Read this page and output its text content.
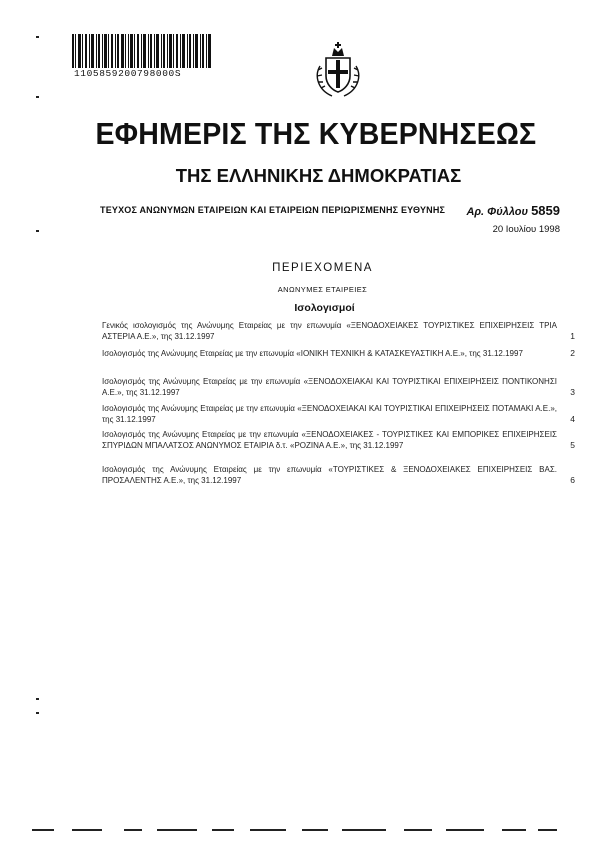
1105859200798000S
ΕΦΗΜΕΡΙΣ ΤΗΣ ΚΥΒΕΡΝΗΣΕΩΣ
ΤΗΣ ΕΛΛΗΝΙΚΗΣ ΔΗΜΟΚΡΑΤΙΑΣ
ΤΕΥΧΟΣ ΑΝΩΝΥΜΩΝ ΕΤΑΙΡΕΙΩΝ ΚΑΙ ΕΤΑΙΡΕΙΩΝ ΠΕΡΙΩΡΙΣΜΕΝΗΣ ΕΥΘΥΝΗΣ Αρ. Φύλλου 5859
20 Ιουλίου 1998
ΠΕΡΙΕΧΟΜΕΝΑ
ΑΝΩΝΥΜΕΣ ΕΤΑΙΡΕΙΕΣ
Ισολογισμοί
Γενικός ισολογισμός της Ανώνυμης Εταιρείας με την επωνυμία «ΞΕΝΟΔΟΧΕΙΑΚΕΣ ΤΟΥΡΙΣΤΙΚΕΣ ΕΠΙΧΕΙΡΗΣΕΙΣ ΤΡΙΑ ΑΣΤΕΡΙΑ Α.Ε.», της 31.12.1997	1
Ισολογισμός της Ανώνυμης Εταιρείας με την επωνυμία «ΙΟΝΙΚΗ ΤΕΧΝΙΚΗ & ΚΑΤΑΣΚΕΥΑΣΤΙΚΗ Α.Ε.», της 31.12.1997	2
Ισολογισμός της Ανώνυμης Εταιρείας με την επωνυμία «ΞΕΝΟΔΟΧΕΙΑΚΑΙ ΚΑΙ ΤΟΥΡΙΣΤΙΚΑΙ ΕΠΙΧΕΙΡΗΣΕΙΣ ΠΟΝΤΙΚΟΝΗΣΙ Α.Ε.», της 31.12.1997	3
Ισολογισμός της Ανώνυμης Εταιρείας με την επωνυμία «ΞΕΝΟΔΟΧΕΙΑΚΑΙ ΚΑΙ ΤΟΥΡΙΣΤΙΚΑΙ ΕΠΙΧΕΙΡΗΣΕΙΣ ΠΟΤΑΜΑΚΙ Α.Ε.», της 31.12.1997	4
Ισολογισμός της Ανώνυμης Εταιρείας με την επωνυμία «ΞΕΝΟΔΟΧΕΙΑΚΕΣ - ΤΟΥΡΙΣΤΙΚΕΣ ΚΑΙ ΕΜΠΟΡΙΚΕΣ ΕΠΙΧΕΙΡΗΣΕΙΣ ΣΠΥΡΙΔΩΝ ΜΠΑΛΑΤΣΟΣ ΑΝΩΝΥΜΟΣ ΕΤΑΙΡΙΑ δ.τ. «ΡΟΖΙΝΑ Α.Ε.», της 31.12.1997	5
Ισολογισμός της Ανώνυμης Εταιρείας με την επωνυμία «ΤΟΥΡΙΣΤΙΚΕΣ & ΞΕΝΟΔΟΧΕΙΑΚΕΣ ΕΠΙΧΕΙΡΗΣΕΙΣ ΒΑΣ. ΠΡΟΣΑΛΕΝΤΗΣ Α.Ε.», της 31.12.1997	6
